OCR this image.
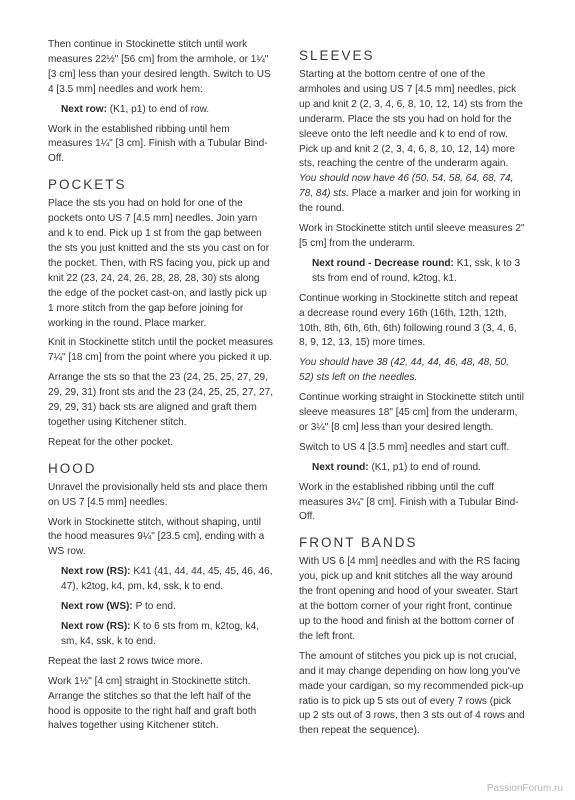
Then continue in Stockinette stitch until work measures 22½" [56 cm] from the armhole, or 1¼" [3 cm] less than your desired length. Switch to US 4 [3.5 mm] needles and work hem:

Next row: (K1, p1) to end of row.

Work in the established ribbing until hem measures 1¼" [3 cm]. Finish with a Tubular Bind-Off.

POCKETS

Place the sts you had on hold for one of the pockets onto US 7 [4.5 mm] needles. Join yarn and k to end. Pick up 1 st from the gap between the sts you just knitted and the sts you cast on for the pocket. Then, with RS facing you, pick up and knit 22 (23, 24, 24, 26, 28, 28, 28, 30) sts along the edge of the pocket cast-on, and lastly pick up 1 more stitch from the gap before joining for working in the round. Place marker.

Knit in Stockinette stitch until the pocket measures 7¼" [18 cm] from the point where you picked it up.

Arrange the sts so that the 23 (24, 25, 25, 27, 29, 29, 29, 31) front sts and the 23 (24, 25, 25, 27, 27, 29, 29, 31) back sts are aligned and graft them together using Kitchener stitch.

Repeat for the other pocket.

HOOD

Unravel the provisionally held sts and place them on US 7 [4.5 mm] needles.

Work in Stockinette stitch, without shaping, until the hood measures 9¼" [23.5 cm], ending with a WS row.

Next row (RS): K41 (41, 44, 44, 45, 45, 46, 46, 47), k2tog, k4, pm, k4, ssk, k to end.

Next row (WS): P to end.

Next row (RS): K to 6 sts from m, k2tog, k4, sm, k4, ssk, k to end.

Repeat the last 2 rows twice more.

Work 1½" [4 cm] straight in Stockinette stitch. Arrange the stitches so that the left half of the hood is opposite to the right half and graft both halves together using Kitchener stitch.

SLEEVES

Starting at the bottom centre of one of the armholes and using US 7 [4.5 mm] needles, pick up and knit 2 (2, 3, 4, 6, 8, 10, 12, 14) sts from the underarm. Place the sts you had on hold for the sleeve onto the left needle and k to end of row. Pick up and knit 2 (2, 3, 4, 6, 8, 10, 12, 14) more sts, reaching the centre of the underarm again. You should now have 46 (50, 54, 58, 64, 68, 74, 78, 84) sts. Place a marker and join for working in the round.

Work in Stockinette stitch until sleeve measures 2" [5 cm] from the underarm.

Next round - Decrease round: K1, ssk, k to 3 sts from end of round, k2tog, k1.

Continue working in Stockinette stitch and repeat a decrease round every 16th (16th, 12th, 12th, 10th, 8th, 6th, 6th, 6th) following round 3 (3, 4, 6, 8, 9, 12, 13, 15) more times.

You should have 38 (42, 44, 44, 46, 48, 48, 50, 52) sts left on the needles.

Continue working straight in Stockinette stitch until sleeve measures 18" [45 cm] from the underarm, or 3¼" [8 cm] less than your desired length.

Switch to US 4 [3.5 mm] needles and start cuff.

Next round: (K1, p1) to end of round.

Work in the established ribbing until the cuff measures 3¼" [8 cm]. Finish with a Tubular Bind-Off.

FRONT BANDS

With US 6 [4 mm] needles and with the RS facing you, pick up and knit stitches all the way around the front opening and hood of your sweater. Start at the bottom corner of your right front, continue up to the hood and finish at the bottom corner of the left front.

The amount of stitches you pick up is not crucial, and it may change depending on how long you've made your cardigan, so my recommended pick-up ratio is to pick up 5 sts out of every 7 rows (pick up 2 sts out of 3 rows, then 3 sts out of 4 rows and then repeat the sequence).

PassionForum.ru
